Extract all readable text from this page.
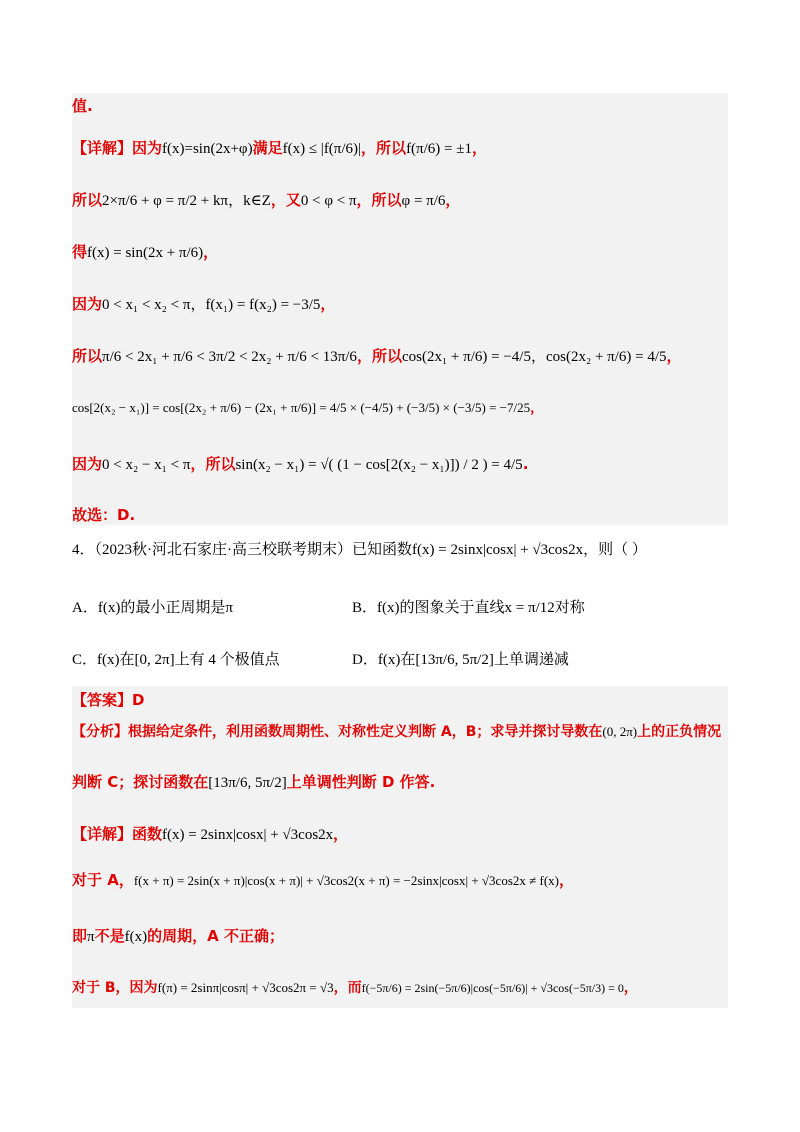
值.
【详解】因为f(x)=sin(2x+φ)满足f(x) ≤ |f(π/6)|，所以f(π/6) = ±1，
所以2×π/6 + φ = π/2 + kπ，k∈Z，又0 < φ < π，所以φ = π/6，
得f(x) = sin(2x + π/6)，
因为0 < x₁ < x₂ < π，f(x₁) = f(x₂) = −3/5，
所以π/6 < 2x₁ + π/6 < 3π/2 < 2x₂ + π/6 < 13π/6，所以cos(2x₁ + π/6) = −4/5，cos(2x₂ + π/6) = 4/5，
cos[2(x₂ − x₁)] = cos[(2x₂ + π/6) − (2x₁ + π/6)] = 4/5 × (−4/5) + (−3/5) × (−3/5) = −7/25，
因为0 < x₂ − x₁ < π，所以sin(x₂ − x₁) = √( (1 − cos[2(x₂ − x₁)]) / 2 ) = 4/5.
故选：D.
4．（2023秋·河北石家庄·高三校联考期末）已知函数f(x) = 2sinx|cosx| + √3cos2x，则（ ）
A．f(x)的最小正周期是π	B．f(x)的图象关于直线x = π/12对称
C．f(x)在[0, 2π]上有 4 个极值点	D．f(x)在[13π/6, 5π/2]上单调递减
【答案】D
【分析】根据给定条件，利用函数周期性、对称性定义判断 A，B；求导并探讨导数在(0, 2π)上的正负情况
判断 C；探讨函数在[13π/6, 5π/2]上单调性判断 D 作答.
【详解】函数f(x) = 2sinx|cosx| + √3cos2x，
对于 A，f(x + π) = 2sin(x + π)|cos(x + π)| + √3cos2(x + π) = −2sinx|cosx| + √3cos2x ≠ f(x)，
即π不是f(x)的周期，A 不正确；
对于 B，因为f(π) = 2sinπ|cosπ| + √3cos2π = √3，而f(−5π/6) = 2sin(−5π/6)|cos(−5π/6)| + √3cos(−5π/3) = 0，
